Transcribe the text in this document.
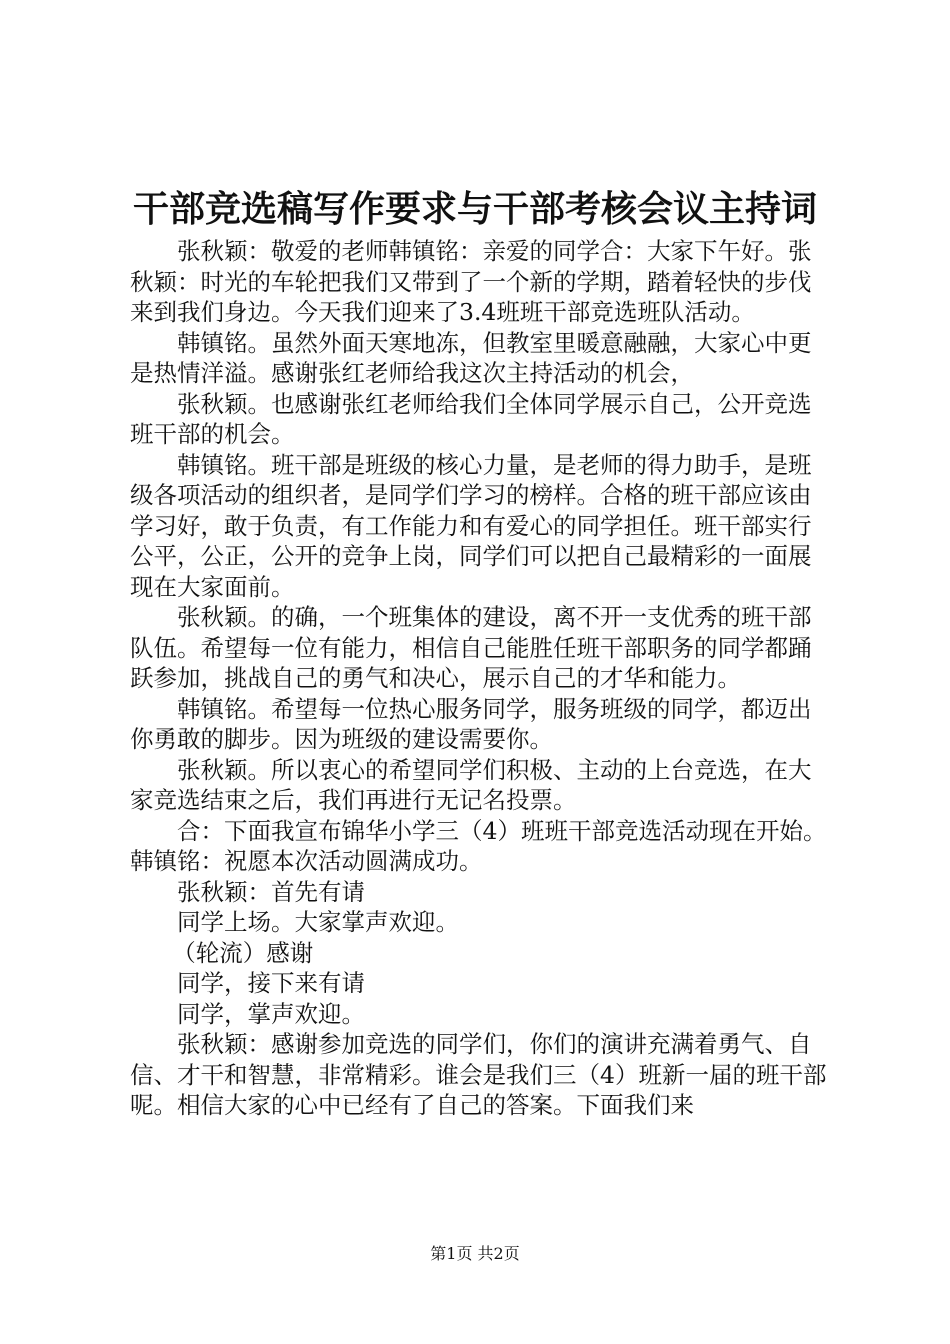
干部竞选稿写作要求与干部考核会议主持词

张秋颖：敬爱的老师韩镇铭：亲爱的同学合：大家下午好。张秋颖：时光的车轮把我们又带到了一个新的学期，踏着轻快的步伐来到我们身边。今天我们迎来了3.4班班干部竞选班队活动。

韩镇铭。虽然外面天寒地冻，但教室里暖意融融，大家心中更是热情洋溢。感谢张红老师给我这次主持活动的机会，

张秋颖。也感谢张红老师给我们全体同学展示自己，公开竞选班干部的机会。

韩镇铭。班干部是班级的核心力量，是老师的得力助手，是班级各项活动的组织者，是同学们学习的榜样。合格的班干部应该由学习好，敢于负责，有工作能力和有爱心的同学担任。班干部实行公平，公正，公开的竞争上岗，同学们可以把自己最精彩的一面展现在大家面前。

张秋颖。的确，一个班集体的建设，离不开一支优秀的班干部队伍。希望每一位有能力，相信自己能胜任班干部职务的同学都踊跃参加，挑战自己的勇气和决心，展示自己的才华和能力。

韩镇铭。希望每一位热心服务同学，服务班级的同学，都迈出你勇敢的脚步。因为班级的建设需要你。

张秋颖。所以衷心的希望同学们积极、主动的上台竞选，在大家竞选结束之后，我们再进行无记名投票。

合：下面我宣布锦华小学三（4）班班干部竞选活动现在开始。韩镇铭：祝愿本次活动圆满成功。

张秋颖：首先有请

同学上场。大家掌声欢迎。

（轮流）感谢

同学，接下来有请

同学，掌声欢迎。

张秋颖：感谢参加竞选的同学们，你们的演讲充满着勇气、自信、才干和智慧，非常精彩。谁会是我们三（4）班新一届的班干部呢。相信大家的心中已经有了自己的答案。下面我们来

第1页 共2页
